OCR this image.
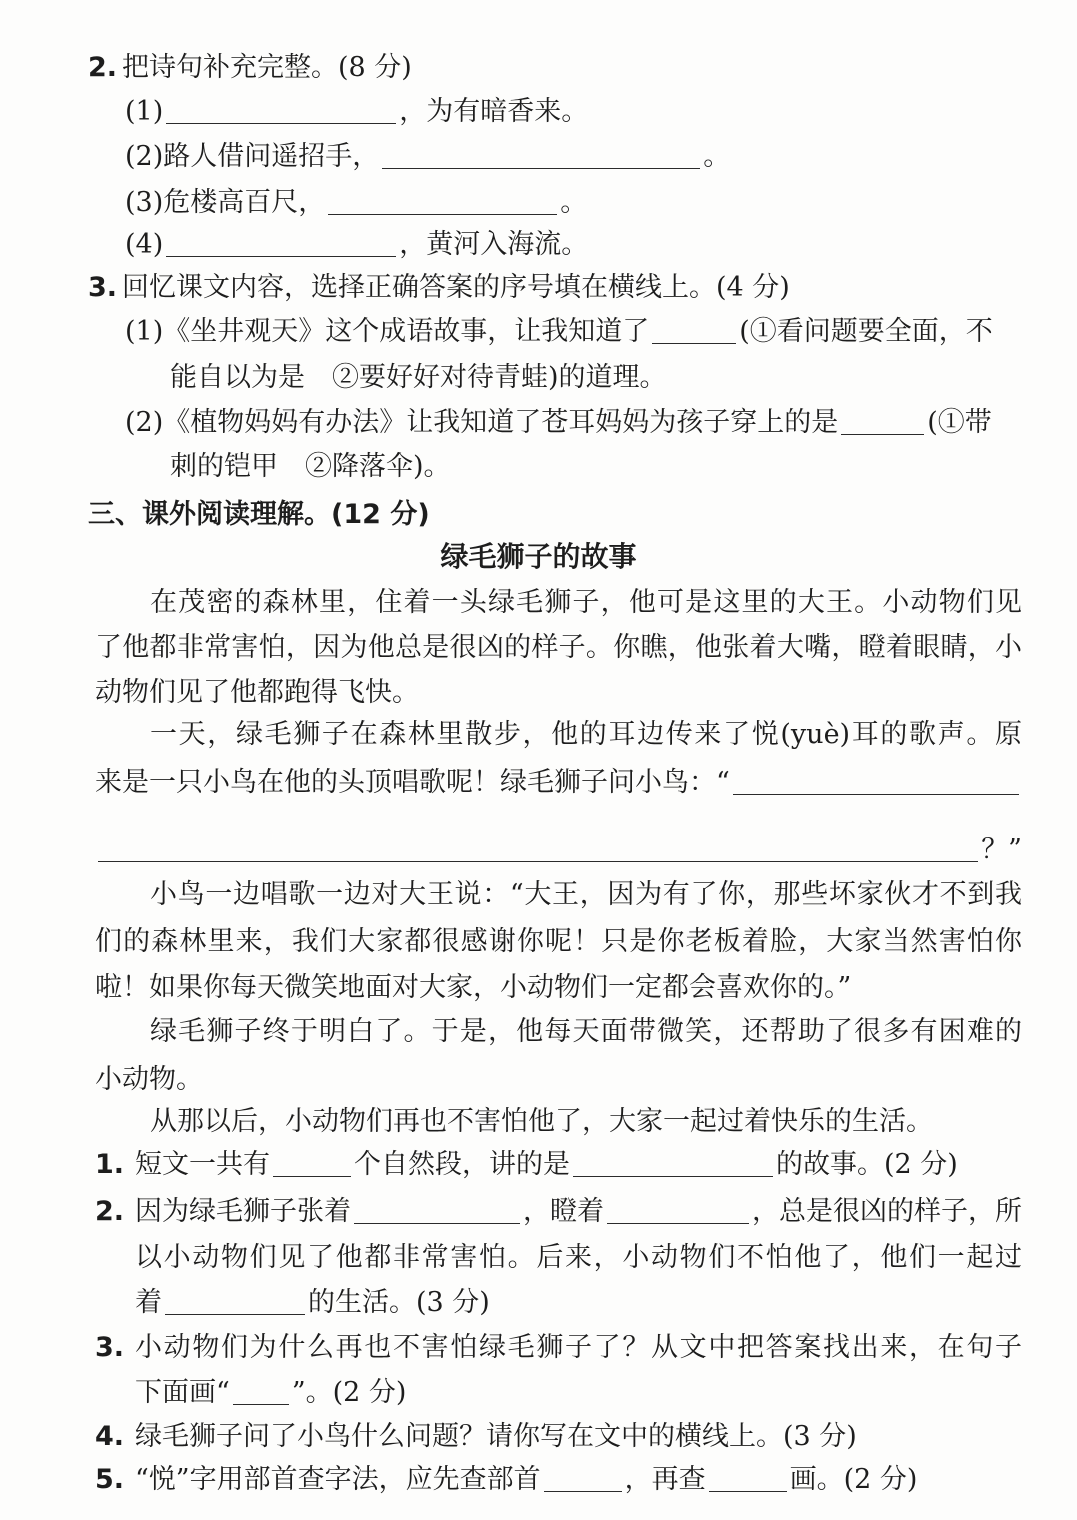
2. 把诗句补充完整。(8 分)
(1)	，为有暗香来。
(2) 路人借问遥招手，	。
(3) 危楼高百尺，	。
(4)	，黄河入海流。
3. 回忆课文内容，选择正确答案的序号填在横线上。(4 分)
(1) 《坐井观天》这个成语故事，让我知道了	(①看问题要全面，不
能自以为是　②要好好对待青蛙)的道理。
(2) 《植物妈妈有办法》让我知道了苍耳妈妈为孩子穿上的是	(①带
刺的铠甲　②降落伞)。
三、课外阅读理解。(12 分)
绿毛狮子的故事
在茂密的森林里，住着一头绿毛狮子，他可是这里的大王。小动物们见
了他都非常害怕，因为他总是很凶的样子。你瞧，他张着大嘴，瞪着眼睛，小
动物们见了他都跑得飞快。
一天，绿毛狮子在森林里散步，他的耳边传来了悦(yuè)耳的歌声。原
来是一只小鸟在他的头顶唱歌呢！绿毛狮子问小鸟：“
？”
小鸟一边唱歌一边对大王说：“大王，因为有了你，那些坏家伙才不到我
们的森林里来，我们大家都很感谢你呢！只是你老板着脸，大家当然害怕你
啦！如果你每天微笑地面对大家，小动物们一定都会喜欢你的。”
绿毛狮子终于明白了。于是，他每天面带微笑，还帮助了很多有困难的
小动物。
从那以后，小动物们再也不害怕他了，大家一起过着快乐的生活。
1. 短文一共有	个自然段，讲的是	的故事。(2 分)
2. 因为绿毛狮子张着	，瞪着	，总是很凶的样子，所
以小动物们见了他都非常害怕。后来，小动物们不怕他了，他们一起过
着	的生活。(3 分)
3. 小动物们为什么再也不害怕绿毛狮子了？从文中把答案找出来，在句子
下面画“ ”。(2 分)
4. 绿毛狮子问了小鸟什么问题？请你写在文中的横线上。(3 分)
5. “悦”字用部首查字法，应先查部首	，再查	画。(2 分)
